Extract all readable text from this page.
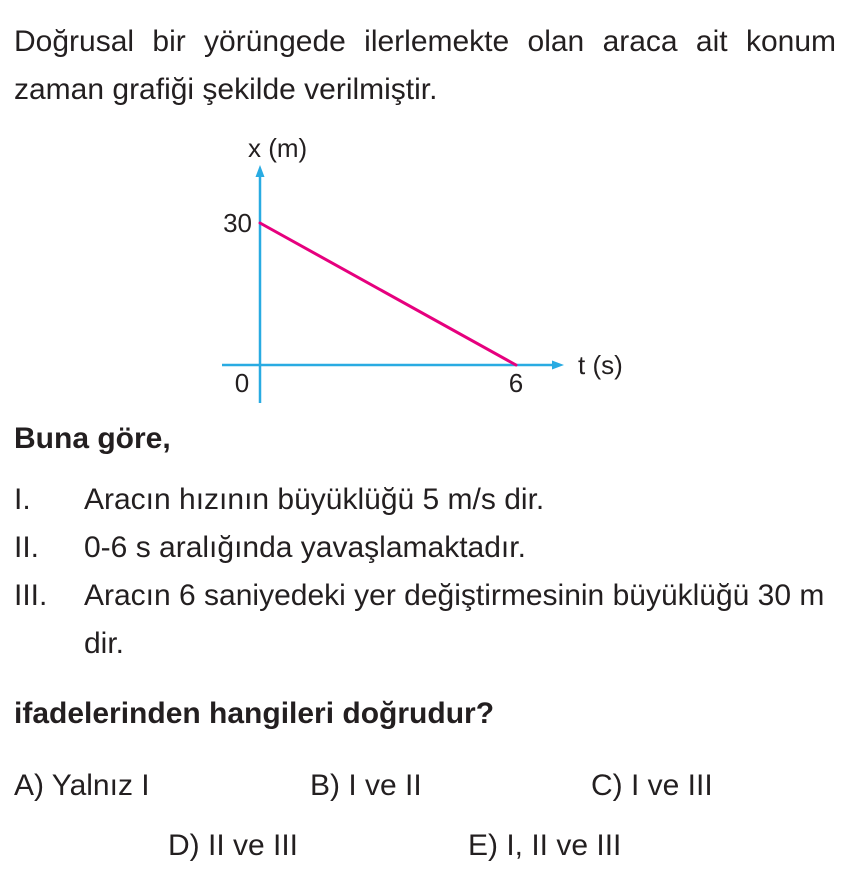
Doğrusal bir yörüngede ilerlemekte olan araca ait konum zaman grafiği şekilde verilmiştir.

x (m)
t (s)
30
0	6

Buna göre,

I.	Aracın hızının büyüklüğü 5 m/s dir.
II.	0-6 s aralığında yavaşlamaktadır.
III.	Aracın 6 saniyedeki yer değiştirmesinin büyüklüğü 30 m dir.

ifadelerinden hangileri doğrudur?

A) Yalnız I	B) I ve II	C) I ve III
D) II ve III	E) I, II ve III
